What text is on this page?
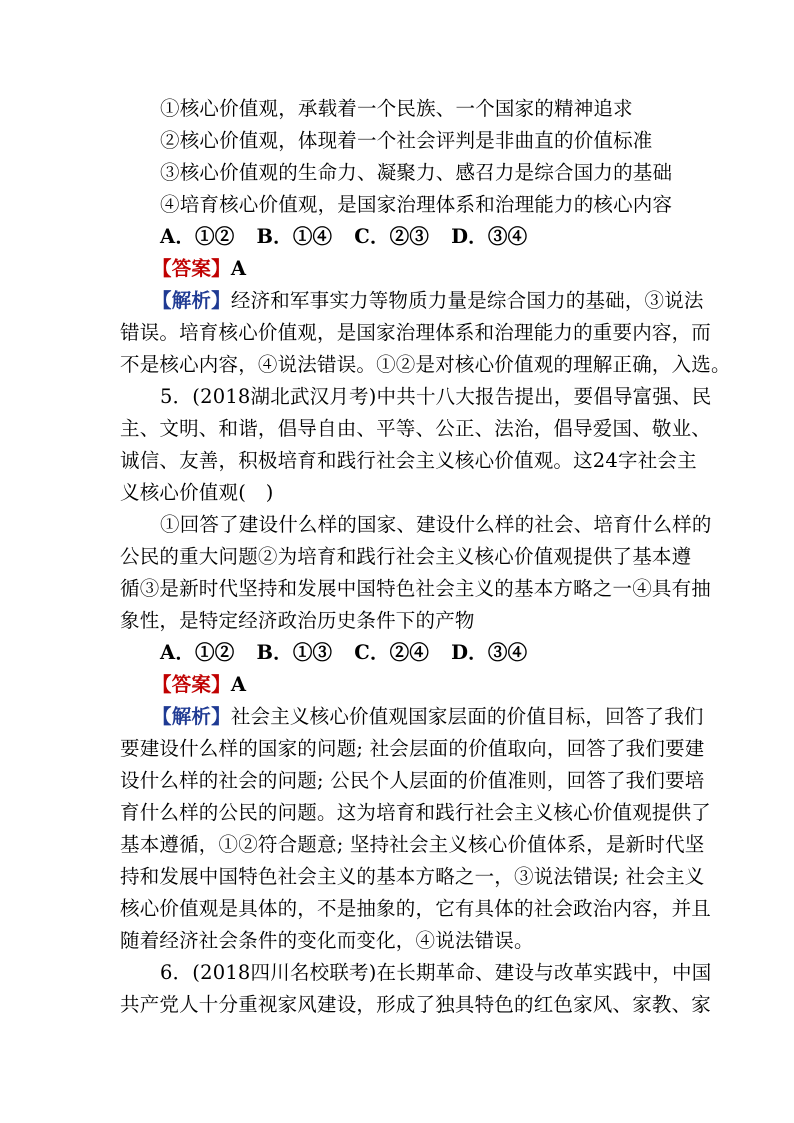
①核心价值观，承载着一个民族、一个国家的精神追求
②核心价值观，体现着一个社会评判是非曲直的价值标准
③核心价值观的生命力、凝聚力、感召力是综合国力的基础
④培育核心价值观，是国家治理体系和治理能力的核心内容
A．①② B．①④ C．②③ D．③④
【答案】A
【解析】经济和军事实力等物质力量是综合国力的基础，③说法
错误。培育核心价值观，是国家治理体系和治理能力的重要内容，而
不是核心内容，④说法错误。①②是对核心价值观的理解正确，入选。
5．(2018湖北武汉月考)中共十八大报告提出，要倡导富强、民
主、文明、和谐，倡导自由、平等、公正、法治，倡导爱国、敬业、
诚信、友善，积极培育和践行社会主义核心价值观。这24字社会主
义核心价值观(　)
①回答了建设什么样的国家、建设什么样的社会、培育什么样的
公民的重大问题②为培育和践行社会主义核心价值观提供了基本遵
循③是新时代坚持和发展中国特色社会主义的基本方略之一④具有抽
象性，是特定经济政治历史条件下的产物
A．①② B．①③ C．②④ D．③④
【答案】A
【解析】社会主义核心价值观国家层面的价值目标，回答了我们
要建设什么样的国家的问题; 社会层面的价值取向，回答了我们要建
设什么样的社会的问题; 公民个人层面的价值准则，回答了我们要培
育什么样的公民的问题。这为培育和践行社会主义核心价值观提供了
基本遵循，①②符合题意; 坚持社会主义核心价值体系，是新时代坚
持和发展中国特色社会主义的基本方略之一，③说法错误; 社会主义
核心价值观是具体的，不是抽象的，它有具体的社会政治内容，并且
随着经济社会条件的变化而变化，④说法错误。
6．(2018四川名校联考)在长期革命、建设与改革实践中，中国
共产党人十分重视家风建设，形成了独具特色的红色家风、家教、家
